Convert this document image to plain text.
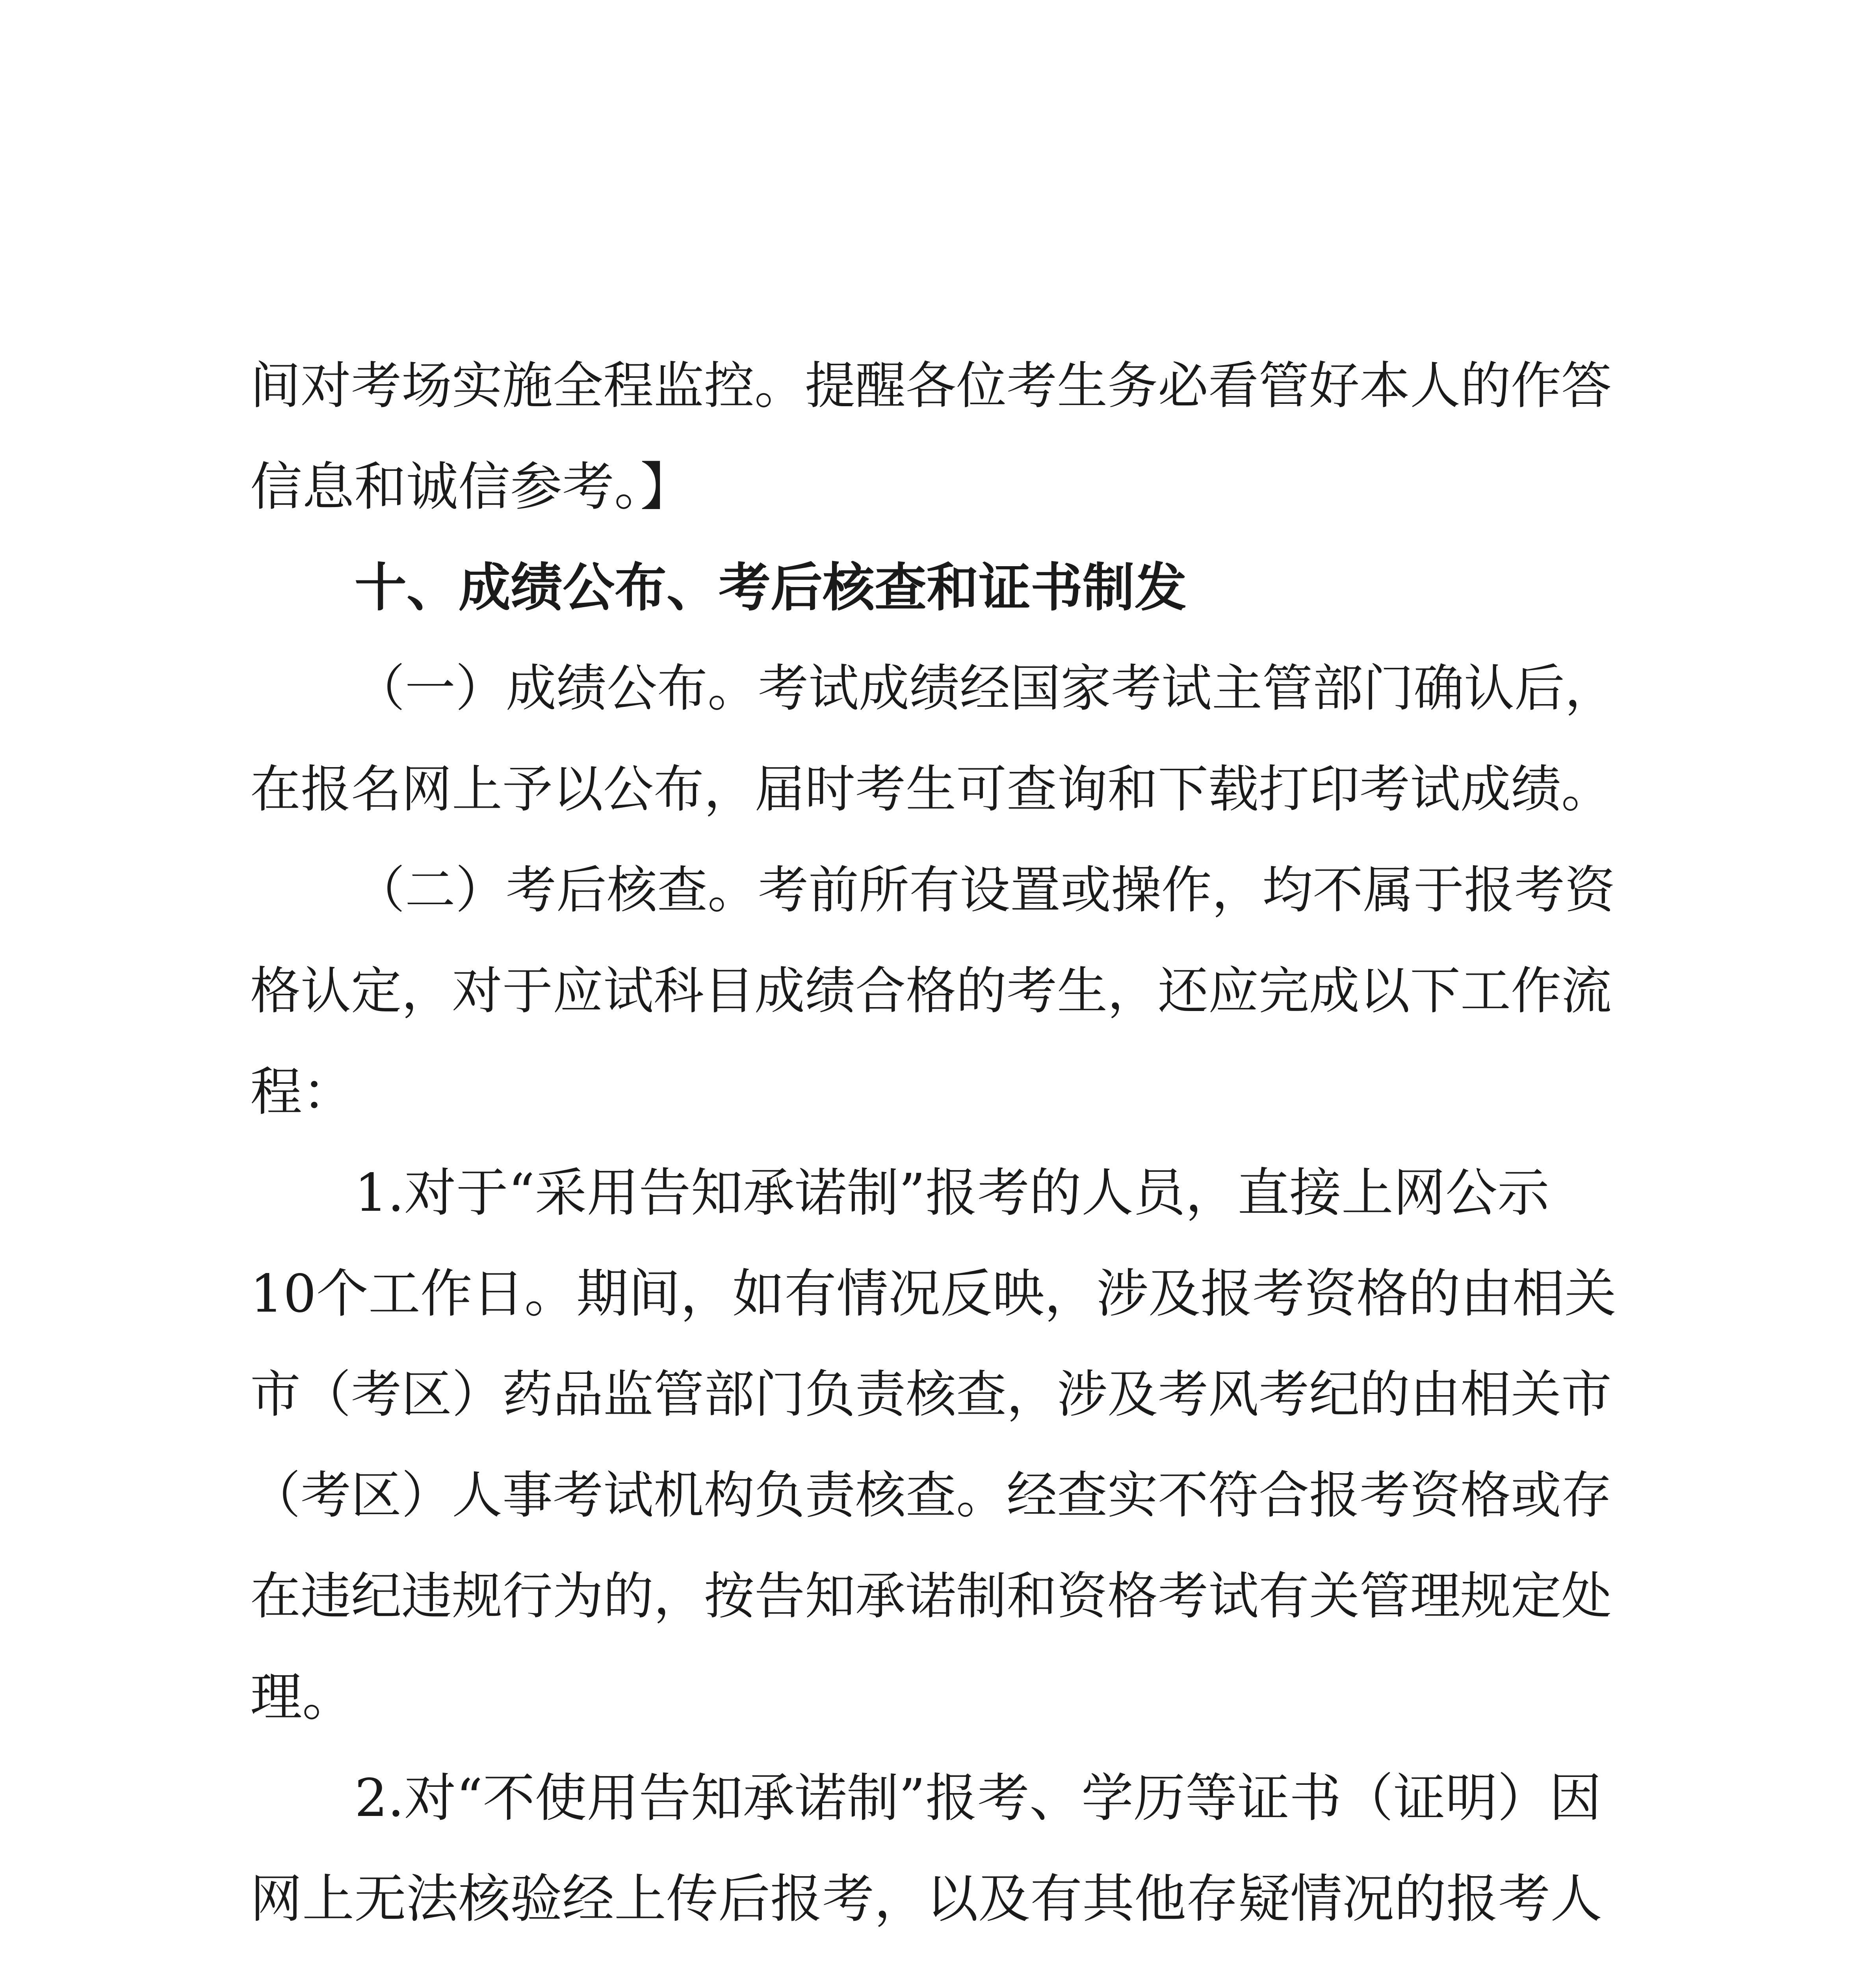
间对考场实施全程监控。提醒各位考生务必看管好本人的作答
信息和诚信参考。】
十、成绩公布、考后核查和证书制发
（一）成绩公布。考试成绩经国家考试主管部门确认后，
在报名网上予以公布，届时考生可查询和下载打印考试成绩。
（二）考后核查。考前所有设置或操作，均不属于报考资
格认定，对于应试科目成绩合格的考生，还应完成以下工作流
程：
1.对于“采用告知承诺制”报考的人员，直接上网公示
10个工作日。期间，如有情况反映，涉及报考资格的由相关
市（考区）药品监管部门负责核查，涉及考风考纪的由相关市
（考区）人事考试机构负责核查。经查实不符合报考资格或存
在违纪违规行为的，按告知承诺制和资格考试有关管理规定处
理。
2.对“不使用告知承诺制”报考、学历等证书（证明）因
网上无法核验经上传后报考，以及有其他存疑情况的报考人
